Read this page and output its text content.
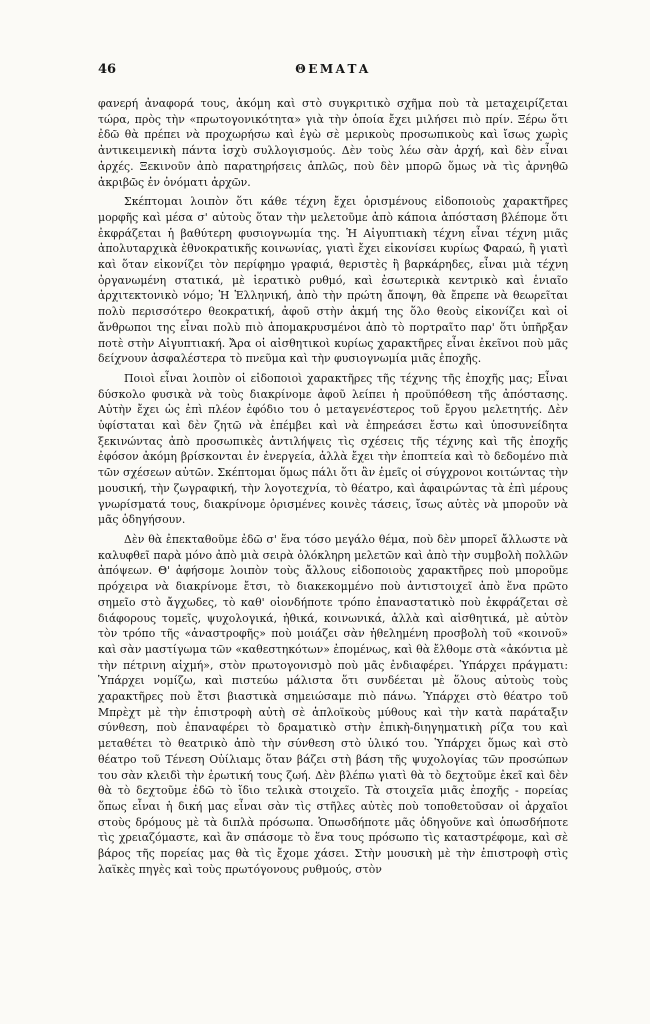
46	ΘΕΜΑΤΑ

φανερή ἀναφορά τους, ἀκόμη καὶ στὸ συγκριτικὸ σχῆμα ποὺ τὰ μεταχειρίζεται τώρα, πρὸς τὴν «πρωτογονικότητα» γιὰ τὴν ὁποία ἔχει μιλήσει πιὸ πρίν. Ξέρω ὅτι ἐδῶ θὰ πρέπει νὰ προχωρήσω καὶ ἐγὼ σὲ μερικοὺς προσωπικοὺς καὶ ἴσως χωρὶς ἀντικειμενικὴ πάντα ἰσχὺ συλλογισμούς. Δὲν τοὺς λέω σὰν ἀρχή, καὶ δὲν εἶναι ἀρχές. Ξεκινοῦν ἀπὸ παρατηρήσεις ἁπλῶς, ποὺ δὲν μπορῶ ὅμως νὰ τὶς ἀρνηθῶ ἀκριβῶς ἐν ὀνόματι ἀρχῶν.

Σκέπτομαι λοιπὸν ὅτι κάθε τέχνη ἔχει ὁρισμένους εἰδοποιοὺς χαρακτῆρες μορφῆς καὶ μέσα σ' αὐτοὺς ὅταν τὴν μελετοῦμε ἀπὸ κάποια ἀπόσταση βλέπομε ὅτι ἐκφράζεται ἡ βαθύτερη φυσιογνωμία της. Ἡ Αἰγυπτιακὴ τέχνη εἶναι τέχνη μιᾶς ἀπολυταρχικὰ ἐθνοκρατικῆς κοινωνίας, γιατὶ ἔχει εἰκονίσει κυρίως Φαραώ, ἢ γιατὶ καὶ ὅταν εἰκονίζει τὸν περίφημο γραφιά, θεριστὲς ἢ βαρκάρηδες, εἶναι μιὰ τέχνη ὀργανωμένη στατικά, μὲ ἱερατικὸ ρυθμό, καὶ ἐσωτερικὰ κεντρικὸ καὶ ἑνιαῖο ἀρχιτεκτονικὸ νόμο; Ἡ Ἑλληνική, ἀπὸ τὴν πρώτη ἄποψη, θὰ ἔπρεπε νὰ θεωρεῖται πολὺ περισσότερο θεοκρατική, ἀφοῦ στὴν ἀκμή της ὅλο θεοὺς εἰκονίζει καὶ οἱ ἄνθρωποι της εἶναι πολὺ πιὸ ἀπομακρυσμένοι ἀπὸ τὸ πορτραῖτο παρ' ὅτι ὑπῆρξαν ποτὲ στὴν Αἰγυπτιακή. Ἄρα οἱ αἰσθητικοὶ κυρίως χαρακτῆρες εἶναι ἐκεῖνοι ποὺ μᾶς δείχνουν ἀσφαλέστερα τὸ πνεῦμα καὶ τὴν φυσιογνωμία μιᾶς ἐποχῆς.

Ποιοὶ εἶναι λοιπὸν οἱ εἰδοποιοὶ χαρακτῆρες τῆς τέχνης τῆς ἐποχῆς μας; Εἶναι δύσκολο φυσικὰ νὰ τοὺς διακρίνομε ἀφοῦ λείπει ἡ προϋπόθεση τῆς ἀπόστασης. Αὐτὴν ἔχει ὡς ἐπὶ πλέον ἐφόδιο του ὁ μεταγενέστερος τοῦ ἔργου μελετητής. Δὲν ὑφίσταται καὶ δὲν ζητῶ νὰ ἐπέμβει καὶ νὰ ἐπηρεάσει ἔστω καὶ ὑποσυνείδητα ξεκινώντας ἀπὸ προσωπικὲς ἀντιλήψεις τὶς σχέσεις τῆς τέχνης καὶ τῆς ἐποχῆς ἐφόσον ἀκόμη βρίσκονται ἐν ἐνεργεία, ἀλλὰ ἔχει τὴν ἐποπτεία καὶ τὸ δεδομένο πιὰ τῶν σχέσεων αὐτῶν. Σκέπτομαι ὅμως πάλι ὅτι ἂν ἐμεῖς οἱ σύγχρονοι κοιτώντας τὴν μουσική, τὴν ζωγραφική, τὴν λογοτεχνία, τὸ θέατρο, καὶ ἀφαιρώντας τὰ ἐπὶ μέρους γνωρίσματά τους, διακρίνομε ὁρισμένες κοινὲς τάσεις, ἴσως αὐτὲς νὰ μποροῦν νὰ μᾶς ὁδηγήσουν.

Δὲν θὰ ἐπεκταθοῦμε ἐδῶ σ' ἕνα τόσο μεγάλο θέμα, ποὺ δὲν μπορεῖ ἄλλωστε νὰ καλυφθεῖ παρὰ μόνο ἀπὸ μιὰ σειρὰ ὁλόκληρη μελετῶν καὶ ἀπὸ τὴν συμβολὴ πολλῶν ἀπόψεων. Θ' ἀφήσομε λοιπὸν τοὺς ἄλλους εἰδοποιοὺς χαρακτῆρες ποὺ μποροῦμε πρόχειρα νὰ διακρίνομε ἔτσι, τὸ διακεκομμένο ποὺ ἀντιστοιχεῖ ἀπὸ ἕνα πρῶτο σημεῖο στὸ ἄγχωδες, τὸ καθ' οἱονδήποτε τρόπο ἐπαναστατικὸ ποὺ ἐκφράζεται σὲ διάφορους τομεῖς, ψυχολογικά, ἠθικά, κοινωνικά, ἀλλὰ καὶ αἰσθητικά, μὲ αὐτὸν τὸν τρόπο τῆς «ἀναστροφῆς» ποὺ μοιάζει σὰν ἠθελημένη προσβολὴ τοῦ «κοινοῦ» καὶ σὰν μαστίγωμα τῶν «καθεστηκότων» ἐπομένως, καὶ θὰ ἔλθομε στὰ «ἀκόντια μὲ τὴν πέτρινη αἰχμή», στὸν πρωτογονισμὸ ποὺ μᾶς ἐνδιαφέρει. Ὑπάρχει πράγματι: Ὑπάρχει νομίζω, καὶ πιστεύω μάλιστα ὅτι συνδέεται μὲ ὅλους αὐτοὺς τοὺς χαρακτῆρες ποὺ ἔτσι βιαστικὰ σημειώσαμε πιὸ πάνω. Ὑπάρχει στὸ θέατρο τοῦ Μπρὲχτ μὲ τὴν ἐπιστροφὴ αὐτὴ σὲ ἁπλοϊκοὺς μύθους καὶ τὴν κατὰ παράταξιν σύνθεση, ποὺ ἐπαναφέρει τὸ δραματικὸ στὴν ἐπικὴ-διηγηματικὴ ρίζα του καὶ μεταθέτει τὸ θεατρικὸ ἀπὸ τὴν σύνθεση στὸ ὑλικό του. Ὑπάρχει ὅμως καὶ στὸ θέατρο τοῦ Τένεση Οὐίλιαμς ὅταν βάζει στὴ βάση τῆς ψυχολογίας τῶν προσώπων του σὰν κλειδὶ τὴν ἐρωτική τους ζωή. Δὲν βλέπω γιατὶ θὰ τὸ δεχτοῦμε ἐκεῖ καὶ δὲν θὰ τὸ δεχτοῦμε ἐδῶ τὸ ἴδιο τελικὰ στοιχεῖο. Τὰ στοιχεῖα μιᾶς ἐποχῆς - πορείας ὅπως εἶναι ἡ δική μας εἶναι σὰν τὶς στῆλες αὐτὲς ποὺ τοποθετοῦσαν οἱ ἀρχαῖοι στοὺς δρόμους μὲ τὰ διπλὰ πρόσωπα. Ὁπωσδήποτε μᾶς ὁδηγοῦνε καὶ ὁπωσδήποτε τὶς χρειαζόμαστε, καὶ ἂν σπάσομε τὸ ἕνα τους πρόσωπο τὶς καταστρέφομε, καὶ σὲ βάρος τῆς πορείας μας θὰ τὶς ἔχομε χάσει. Στὴν μουσικὴ μὲ τὴν ἐπιστροφὴ στὶς λαϊκὲς πηγὲς καὶ τοὺς πρωτόγονους ρυθμούς, στὸν
